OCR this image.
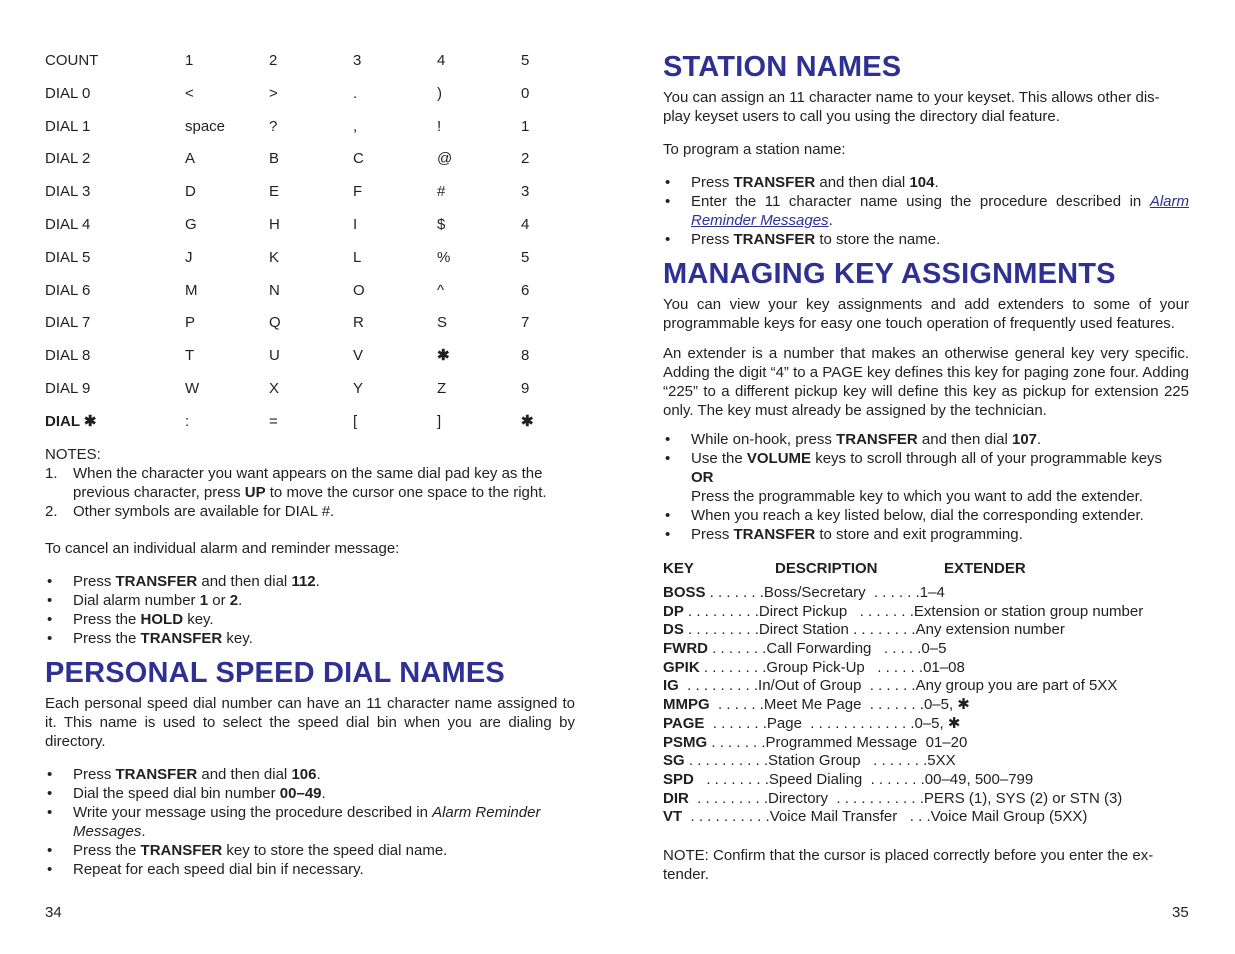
COUNT	1	2	3	4	5
DIAL 0	<	>	.	)	0
DIAL 1	space	?	,	!	1
DIAL 2	A	B	C	@	2
DIAL 3	D	E	F	#	3
DIAL 4	G	H	I	$	4
DIAL 5	J	K	L	%	5
DIAL 6	M	N	O	^	6
DIAL 7	P	Q	R	S	7
DIAL 8	T	U	V	✱	8
DIAL 9	W	X	Y	Z	9
DIAL ✱	:	=	[	]	✱

NOTES:

1. When the character you want appears on the same dial pad key as the previous character, press UP to move the cursor one space to the right.
2. Other symbols are available for DIAL #.

To cancel an individual alarm and reminder message:

• Press TRANSFER and then dial 112.
• Dial alarm number 1 or 2.
• Press the HOLD key.
• Press the TRANSFER key.
PERSONAL SPEED DIAL NAMES

Each personal speed dial number can have an 11 character name assigned to it. This name is used to select the speed dial bin when you are dialing by directory.

• Press TRANSFER and then dial 106.
• Dial the speed dial bin number 00–49.
• Write your message using the procedure described in Alarm Reminder Messages.
• Press the TRANSFER key to store the speed dial name.
• Repeat for each speed dial bin if necessary.
34
STATION NAMES

You can assign an 11 character name to your keyset. This allows other dis-
play keyset users to call you using the directory dial feature.

To program a station name:

• Press TRANSFER and then dial 104.
• Enter the 11 character name using the procedure described in Alarm Reminder Messages.
• Press TRANSFER to store the name.
MANAGING KEY ASSIGNMENTS

You can view your key assignments and add extenders to some of your programmable keys for easy one touch operation of frequently used features.

An extender is a number that makes an otherwise general key very specific. Adding the digit “4” to a PAGE key defines this key for paging zone four. Adding “225” to a different pickup key will define this key as pickup for extension 225 only. The key must already be assigned by the technician.

• While on-hook, press TRANSFER and then dial 107.
• Use the VOLUME keys to scroll through all of your programmable keys
OR
Press the programmable key to which you want to add the extender.
• When you reach a key listed below, dial the corresponding extender.
• Press TRANSFER to store and exit programming.
KEY	DESCRIPTION	EXTENDER
BOSS . . . . . . .Boss/Secretary  . . . . . .1–4
DP . . . . . . . . .Direct Pickup   . . . . . . .Extension or station group number
DS . . . . . . . . .Direct Station . . . . . . . .Any extension number
FWRD . . . . . . .Call Forwarding   . . . . .0–5
GPIK . . . . . . . .Group Pick-Up   . . . . . .01–08
IG  . . . . . . . . .In/Out of Group  . . . . . .Any group you are part of 5XX
MMPG  . . . . . .Meet Me Page  . . . . . . .0–5, ✱
PAGE  . . . . . . .Page  . . . . . . . . . . . . .0–5, ✱
PSMG . . . . . . .Programmed Message 01–20
SG . . . . . . . . . .Station Group   . . . . . . .5XX
SPD   . . . . . . . .Speed Dialing  . . . . . . .00–49, 500–799
DIR  . . . . . . . . .Directory  . . . . . . . . . . .PERS (1), SYS (2) or STN (3)
VT  . . . . . . . . . .Voice Mail Transfer   . . .Voice Mail Group (5XX)
NOTE: Confirm that the cursor is placed correctly before you enter the ex-
tender.
35
